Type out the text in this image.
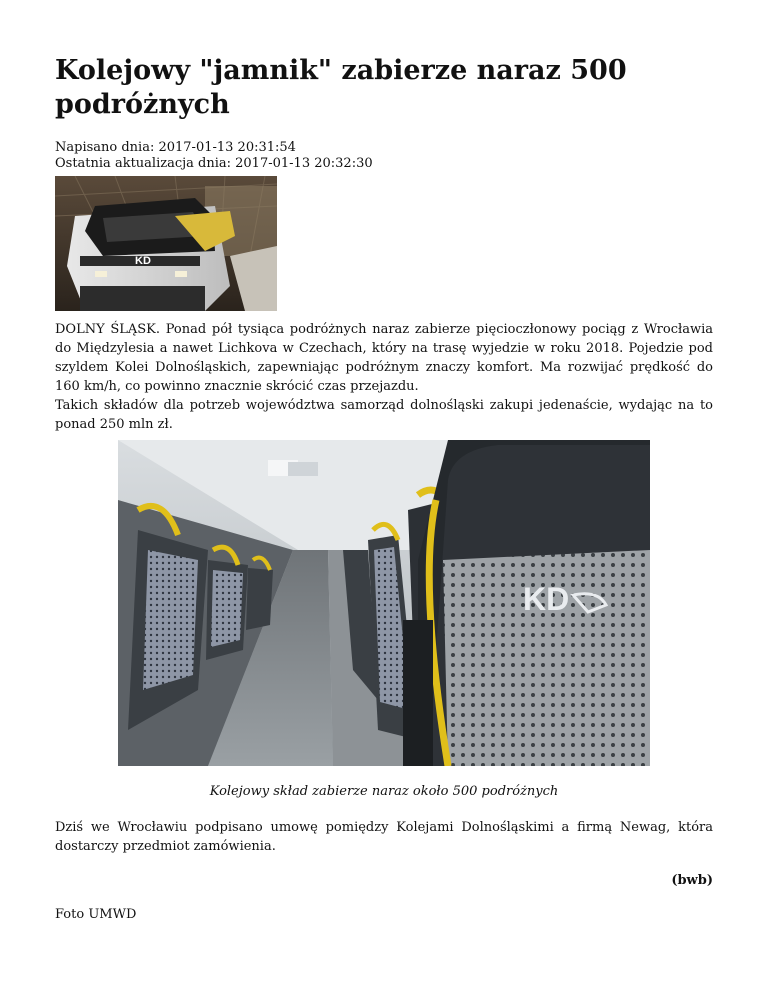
Kolejowy "jamnik" zabierze naraz 500 podróżnych
Napisano dnia: 2017-01-13 20:31:54
Ostatnia aktualizacja dnia: 2017-01-13 20:32:30
KD

DOLNY ŚLĄSK. Ponad pół tysiąca podróżnych naraz zabierze pięcioczłonowy pociąg z Wrocławia do Międzylesia a nawet Lichkova w Czechach, który na trasę wyjedzie w roku 2018. Pojedzie pod szyldem Kolei Dolnośląskich, zapewniając podróżnym znaczy komfort. Ma rozwijać prędkość do 160 km/h, co powinno znacznie skrócić czas przejazdu.

Takich składów dla potrzeb województwa samorząd dolnośląski zakupi jedenaście, wydając na to ponad 250 mln zł.

KD
Kolejowy skład zabierze naraz około 500 podróżnych

Dziś we Wrocławiu podpisano umowę pomiędzy Kolejami Dolnośląskimi a firmą Newag, która dostarczy przedmiot zamówienia.

(bwb)
Foto UMWD
